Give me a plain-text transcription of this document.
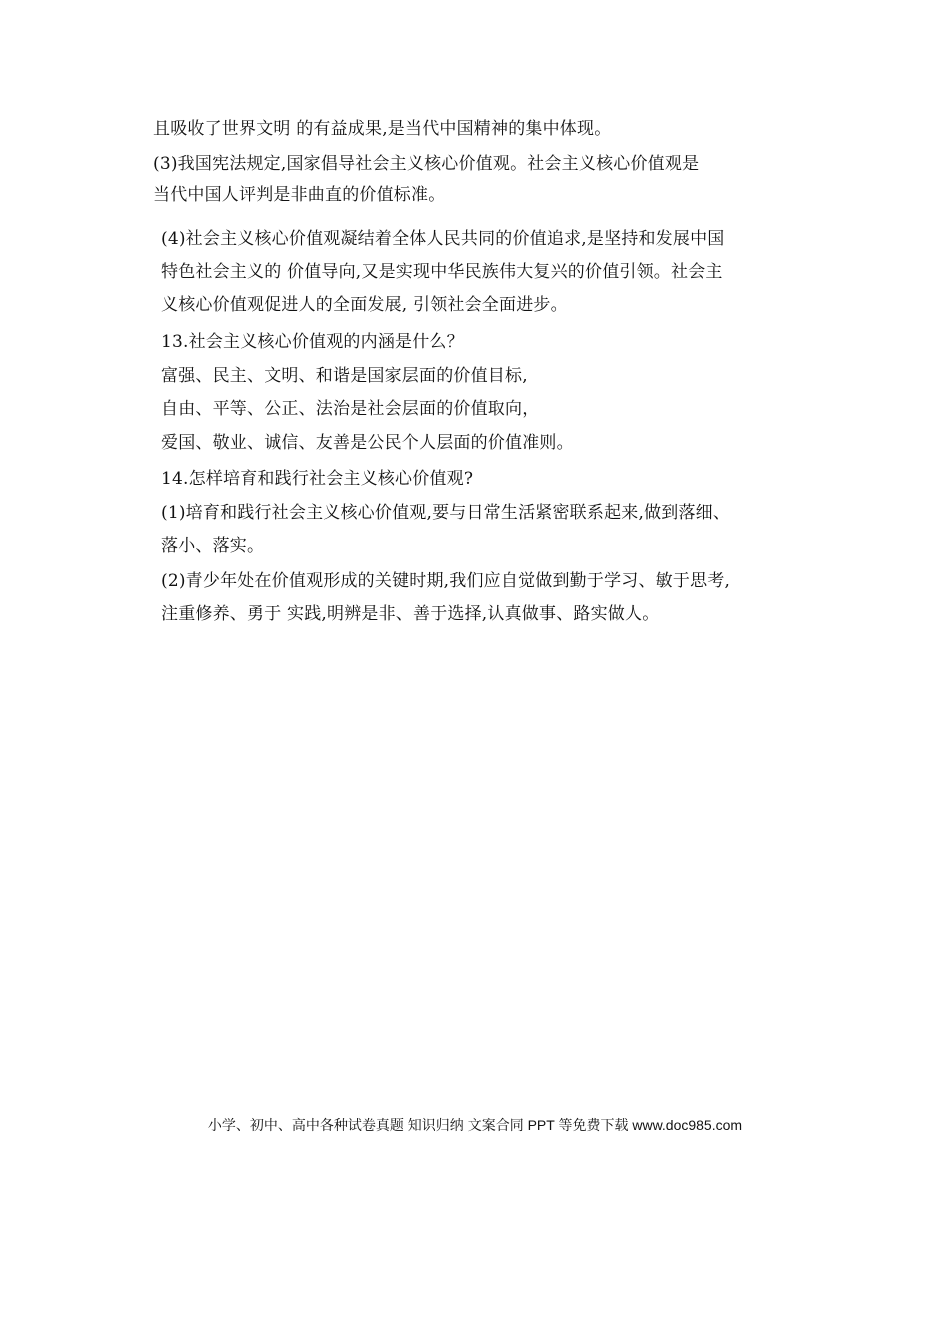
且吸收了世界文明 的有益成果,是当代中国精神的集中体现。
(3)我国宪法规定,国家倡导社会主义核心价值观。社会主义核心价值观是
当代中国人评判是非曲直的价值标准。
(4)社会主义核心价值观凝结着全体人民共同的价值追求,是坚持和发展中国
特色社会主义的 价值导向,又是实现中华民族伟大复兴的价值引领。社会主
义核心价值观促进人的全面发展, 引领社会全面进步。
13.社会主义核心价值观的内涵是什么？
富强、民主、文明、和谐是国家层面的价值目标,
自由、平等、公正、法治是社会层面的价值取向，
爱国、敬业、诚信、友善是公民个人层面的价值准则。
14.怎样培育和践行社会主义核心价值观?
(1)培育和践行社会主义核心价值观,要与日常生活紧密联系起来,做到落细、
落小、落实。
(2)青少年处在价值观形成的关键时期,我们应自觉做到勤于学习、敏于思考,
注重修养、勇于 实践,明辨是非、善于选择,认真做事、路实做人。
小学、初中、高中各种试卷真题 知识归纳 文案合同 PPT 等免费下载 www.doc985.com
